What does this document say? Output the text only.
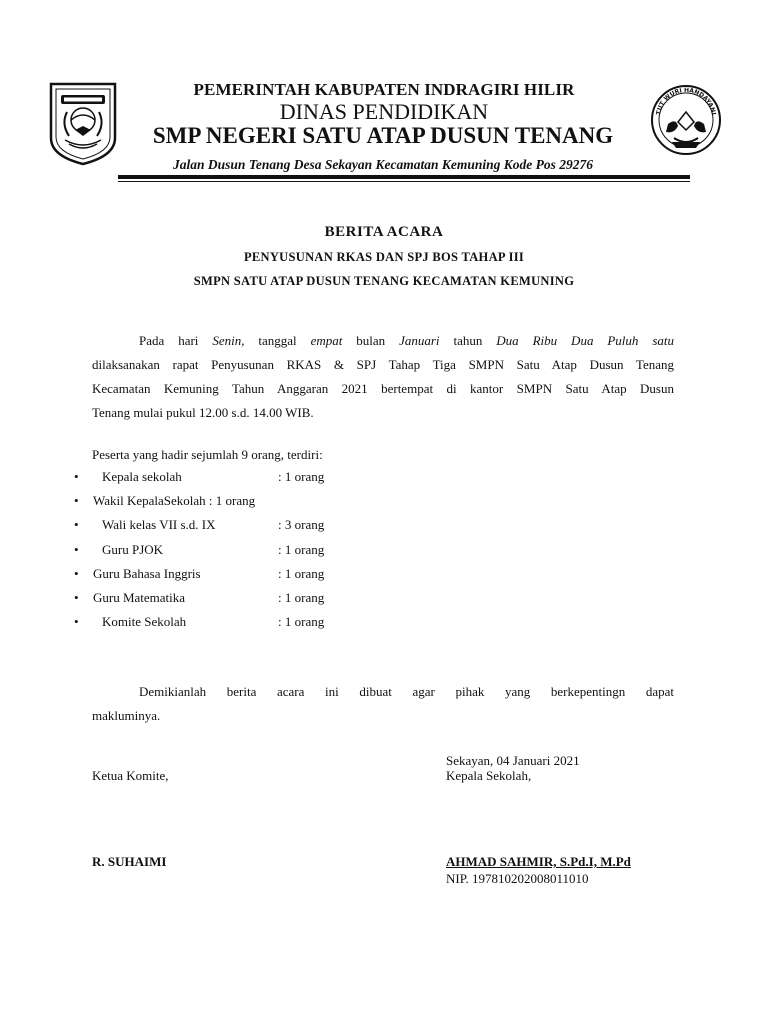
TUT WURI HANDAYANI
PEMERINTAH KABUPATEN INDRAGIRI HILIR
DINAS PENDIDIKAN
SMP NEGERI SATU ATAP DUSUN TENANG
Jalan Dusun Tenang Desa Sekayan Kecamatan Kemuning Kode Pos 29276
BERITA ACARA
PENYUSUNAN RKAS DAN SPJ BOS TAHAP III
SMPN SATU ATAP DUSUN TENANG KECAMATAN KEMUNING
Pada hari Senin, tanggal empat bulan Januari tahun Dua Ribu Dua Puluh satu
dilaksanakan rapat Penyusunan RKAS & SPJ Tahap Tiga SMPN Satu Atap Dusun Tenang
Kecamatan Kemuning Tahun Anggaran 2021 bertempat di kantor SMPN Satu Atap Dusun
Tenang mulai pukul 12.00 s.d. 14.00 WIB.
Peserta yang hadir sejumlah 9 orang, terdiri:
• Kepala sekolah	: 1 orang
• Wakil KepalaSekolah : 1 orang
• Wali kelas VII s.d. IX	: 3 orang
• Guru PJOK	: 1 orang
• Guru Bahasa Inggris	: 1 orang
• Guru Matematika	: 1 orang
• Komite Sekolah	: 1 orang
Demikianlah berita acara ini dibuat agar pihak yang berkepentingn dapat
makluminya.
Sekayan, 04 Januari 2021
Ketua Komite,	Kepala Sekolah,
R. SUHAIMI	AHMAD SAHMIR, S.Pd.I, M.Pd
NIP. 197810202008011010
